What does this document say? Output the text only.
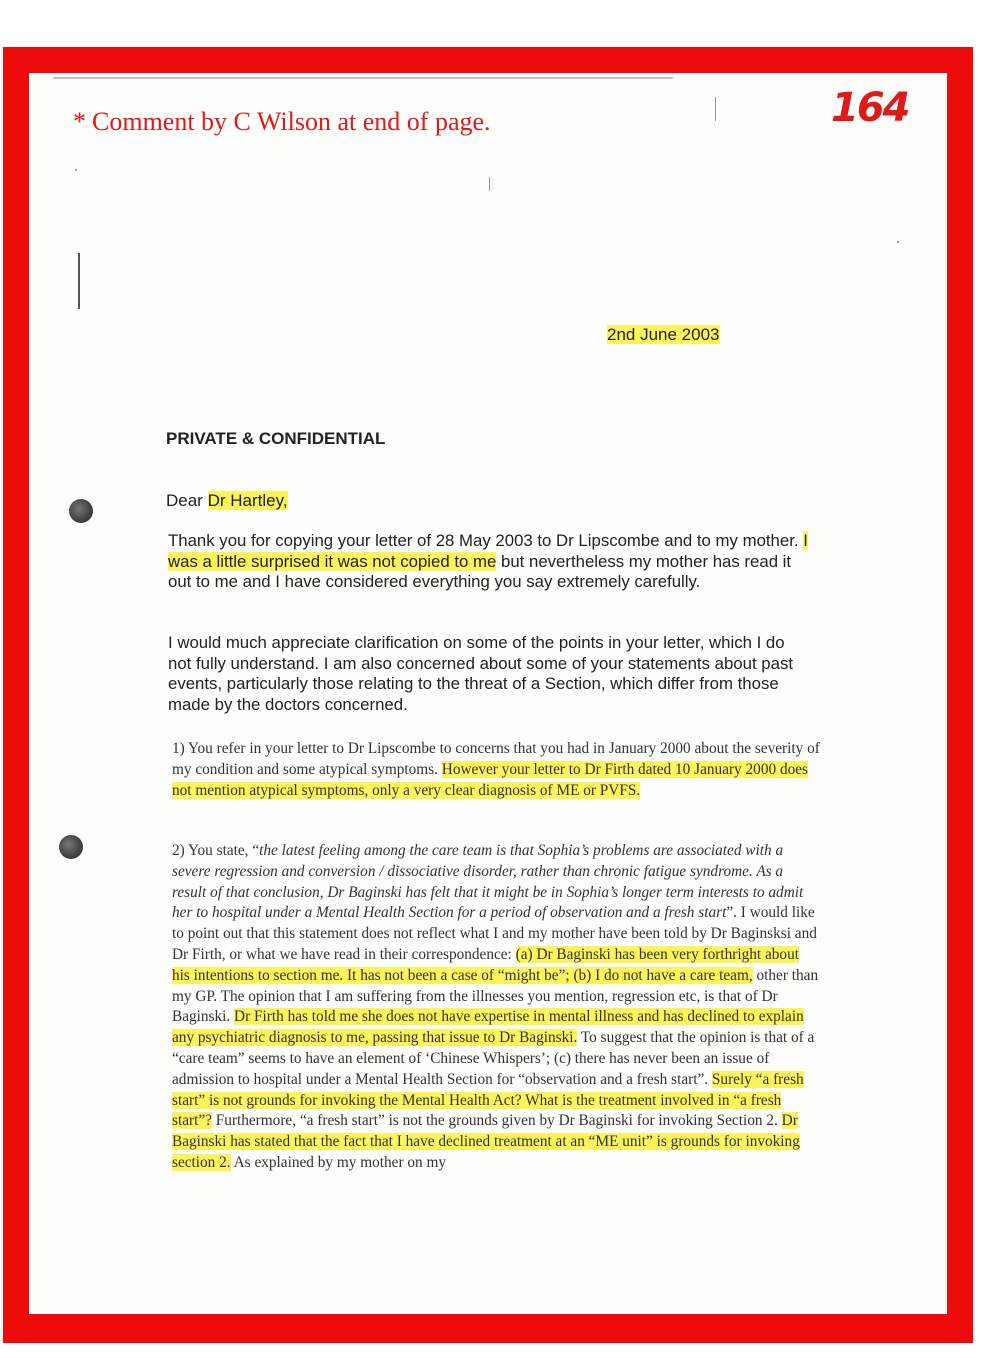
* Comment by C Wilson at end of page.	164
2nd June 2003
PRIVATE & CONFIDENTIAL
Dear Dr Hartley,
Thank you for copying your letter of 28 May 2003 to Dr Lipscombe and to my mother. I was a little surprised it was not copied to me but nevertheless my mother has read it out to me and I have considered everything you say extremely carefully.
I would much appreciate clarification on some of the points in your letter, which I do not fully understand. I am also concerned about some of your statements about past events, particularly those relating to the threat of a Section, which differ from those made by the doctors concerned.
1) You refer in your letter to Dr Lipscombe to concerns that you had in January 2000 about the severity of my condition and some atypical symptoms. However your letter to Dr Firth dated 10 January 2000 does not mention atypical symptoms, only a very clear diagnosis of ME or PVFS.
2) You state, “the latest feeling among the care team is that Sophia’s problems are associated with a severe regression and conversion / dissociative disorder, rather than chronic fatigue syndrome. As a result of that conclusion, Dr Baginski has felt that it might be in Sophia’s longer term interests to admit her to hospital under a Mental Health Section for a period of observation and a fresh start”. I would like to point out that this statement does not reflect what I and my mother have been told by Dr Baginsksi and Dr Firth, or what we have read in their correspondence: (a) Dr Baginski has been very forthright about his intentions to section me. It has not been a case of “might be”; (b) I do not have a care team, other than my GP. The opinion that I am suffering from the illnesses you mention, regression etc, is that of Dr Baginski. Dr Firth has told me she does not have expertise in mental illness and has declined to explain any psychiatric diagnosis to me, passing that issue to Dr Baginski. To suggest that the opinion is that of a “care team” seems to have an element of ‘Chinese Whispers’; (c) there has never been an issue of admission to hospital under a Mental Health Section for “observation and a fresh start”. Surely “a fresh start” is not grounds for invoking the Mental Health Act? What is the treatment involved in “a fresh start”? Furthermore, “a fresh start” is not the grounds given by Dr Baginski for invoking Section 2. Dr Baginski has stated that the fact that I have declined treatment at an “ME unit” is grounds for invoking section 2. As explained by my mother on my
